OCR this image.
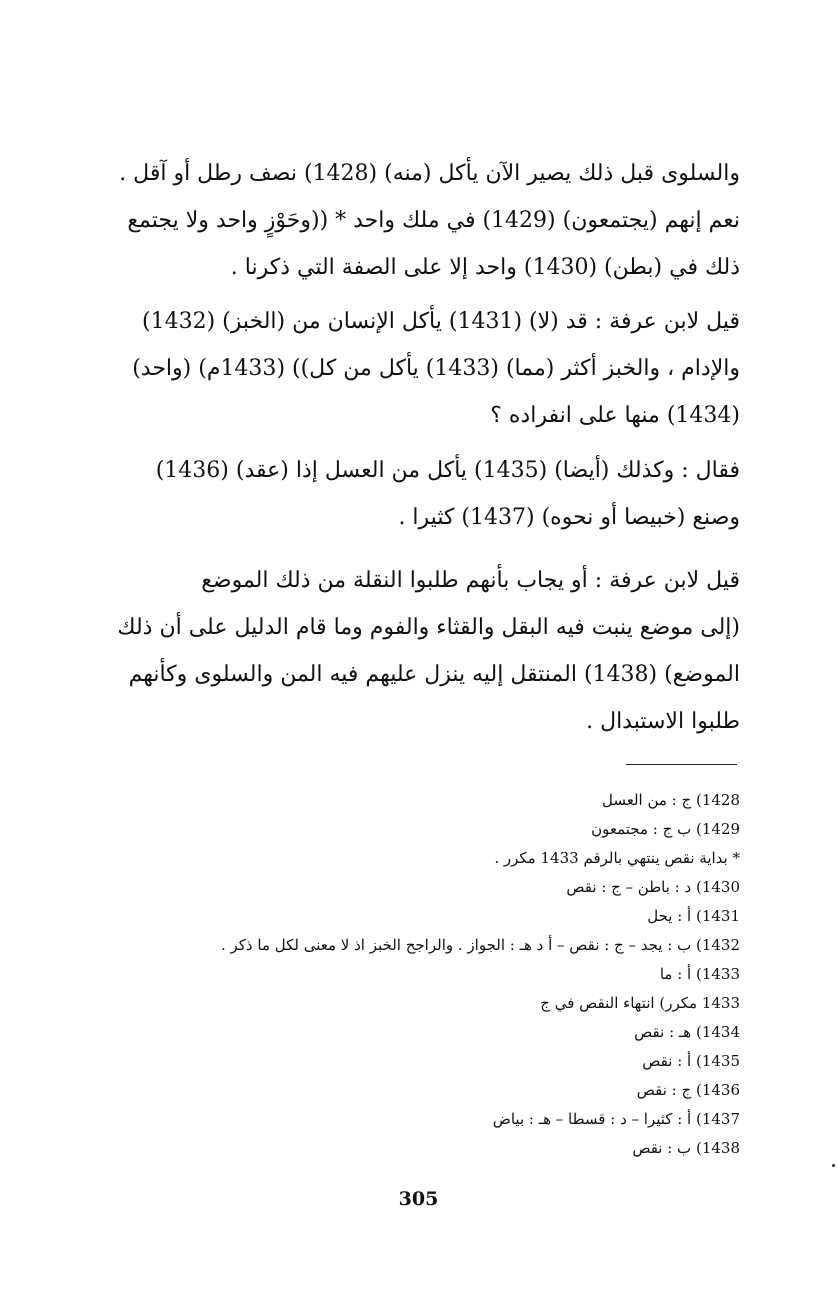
والسلوى قبل ذلك يصير الآن يأكل (منه) (1428) نصف رطل أو آقل .
نعم إنهم (يجتمعون) (1429) في ملك واحد * ((وحَوْزٍ واحد ولا يجتمع
ذلك في (بطن) (1430) واحد إلا على الصفة التي ذكرنا .
قيل لابن عرفة : قد (لا) (1431) يأكل الإنسان من (الخبز) (1432)
والإدام ، والخبز أكثر (مما) (1433) يأكل من كل)) (1433م) (واحد)
(1434) منها على انفراده ؟
فقال : وكذلك (أيضا) (1435) يأكل من العسل إذا (عقد) (1436)
وصنع (خبيصا أو نحوه) (1437) كثيرا .
قيل لابن عرفة : أو يجاب بأنهم طلبوا النقلة من ذلك الموضع
(إلى موضع ينبت فيه البقل والقثاء والفوم وما قام الدليل على أن ذلك
الموضع) (1438) المنتقل إليه ينزل عليهم فيه المن والسلوى وكأنهم
طلبوا الاستبدال .
1428) ج : من العسل
1429) ب ج : مجتمعون
* بداية نقص ينتهي بالرقم 1433 مكرر .
1430) د : باطن – ج : نقص
1431) أ : يحل
1432) ب : يجد – ج : نقص – أ د هـ : الجواز . والراجح الخبز اذ لا معنى لكل ما ذكر .
1433) أ : ما
1433 مكرر) انتهاء النقص في ج
1434) هـ : نقص
1435) أ : نقص
1436) ج : نقص
1437) أ : كثيرا – د : قسطا – هـ : بياض
1438) ب : نقص
305
